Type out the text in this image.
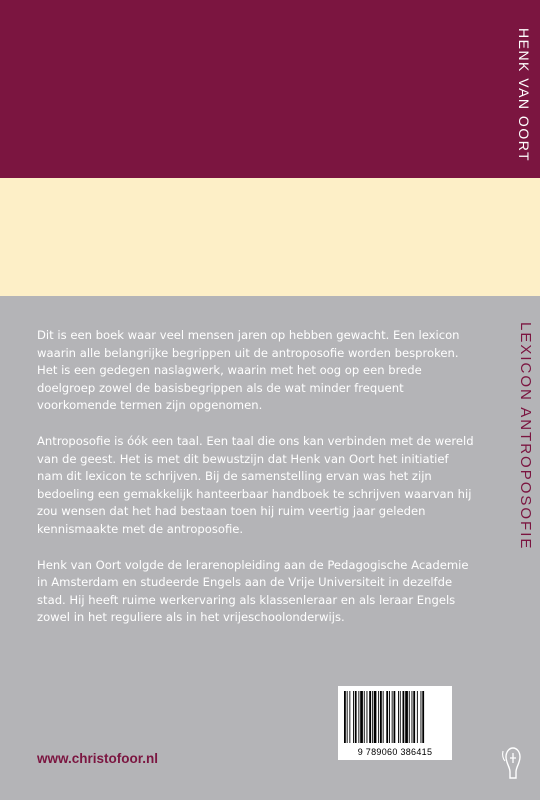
HENK VAN OORT
LEXICON ANTROPOSOFIE

Dit is een boek waar veel mensen jaren op hebben gewacht. Een lexicon waarin alle belangrijke begrippen uit de antroposofie worden besproken. Het is een gedegen naslagwerk, waarin met het oog op een brede doelgroep zowel de basisbegrippen als de wat minder frequent voorkomende termen zijn opgenomen.

Antroposofie is óók een taal. Een taal die ons kan verbinden met de wereld van de geest. Het is met dit bewustzijn dat Henk van Oort het initiatief nam dit lexicon te schrijven. Bij de samenstelling ervan was het zijn bedoeling een gemakkelijk hanteerbaar handboek te schrijven waarvan hij zou wensen dat het had bestaan toen hij ruim veertig jaar geleden kennismaakte met de antroposofie.

Henk van Oort volgde de lerarenopleiding aan de Pedagogische Academie in Amsterdam en studeerde Engels aan de Vrije Universiteit in dezelfde stad. Hij heeft ruime werkervaring als klassenleraar en als leraar Engels zowel in het reguliere als in het vrijeschoolonderwijs.

www.christofoor.nl	9 789060 386415
